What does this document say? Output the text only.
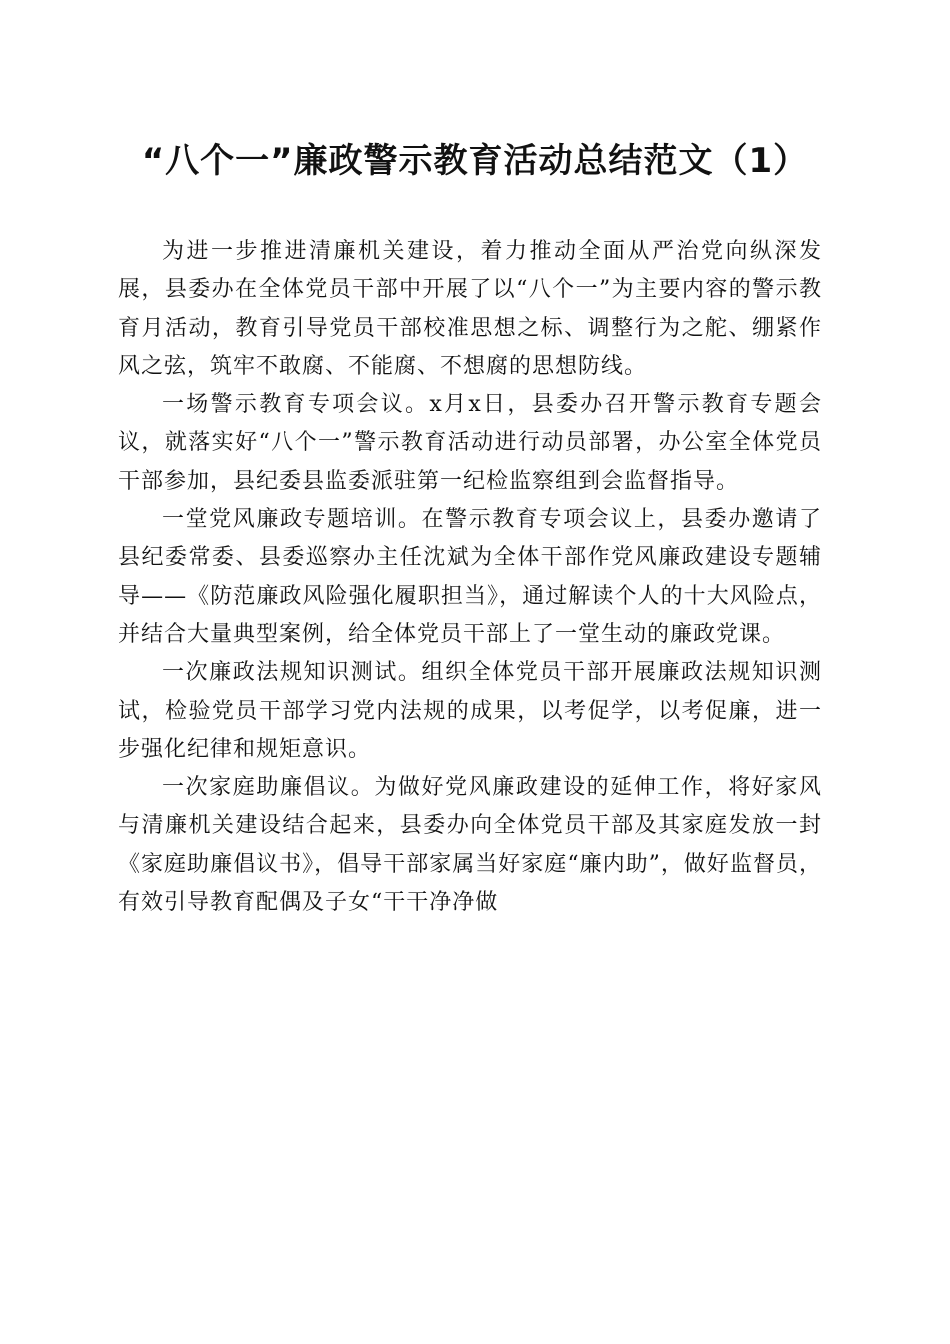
“八个一”廉政警示教育活动总结范文（1）

为进一步推进清廉机关建设，着力推动全面从严治党向纵深发展，县委办在全体党员干部中开展了以“八个一”为主要内容的警示教育月活动，教育引导党员干部校准思想之标、调整行为之舵、绷紧作风之弦，筑牢不敢腐、不能腐、不想腐的思想防线。

一场警示教育专项会议。x月x日，县委办召开警示教育专题会议，就落实好“八个一”警示教育活动进行动员部署，办公室全体党员干部参加，县纪委县监委派驻第一纪检监察组到会监督指导。

一堂党风廉政专题培训。在警示教育专项会议上，县委办邀请了县纪委常委、县委巡察办主任沈斌为全体干部作党风廉政建设专题辅导——《防范廉政风险强化履职担当》，通过解读个人的十大风险点，并结合大量典型案例，给全体党员干部上了一堂生动的廉政党课。

一次廉政法规知识测试。组织全体党员干部开展廉政法规知识测试，检验党员干部学习党内法规的成果，以考促学，以考促廉，进一步强化纪律和规矩意识。

一次家庭助廉倡议。为做好党风廉政建设的延伸工作，将好家风与清廉机关建设结合起来，县委办向全体党员干部及其家庭发放一封《家庭助廉倡议书》，倡导干部家属当好家庭“廉内助”，做好监督员，有效引导教育配偶及子女“干干净净做
